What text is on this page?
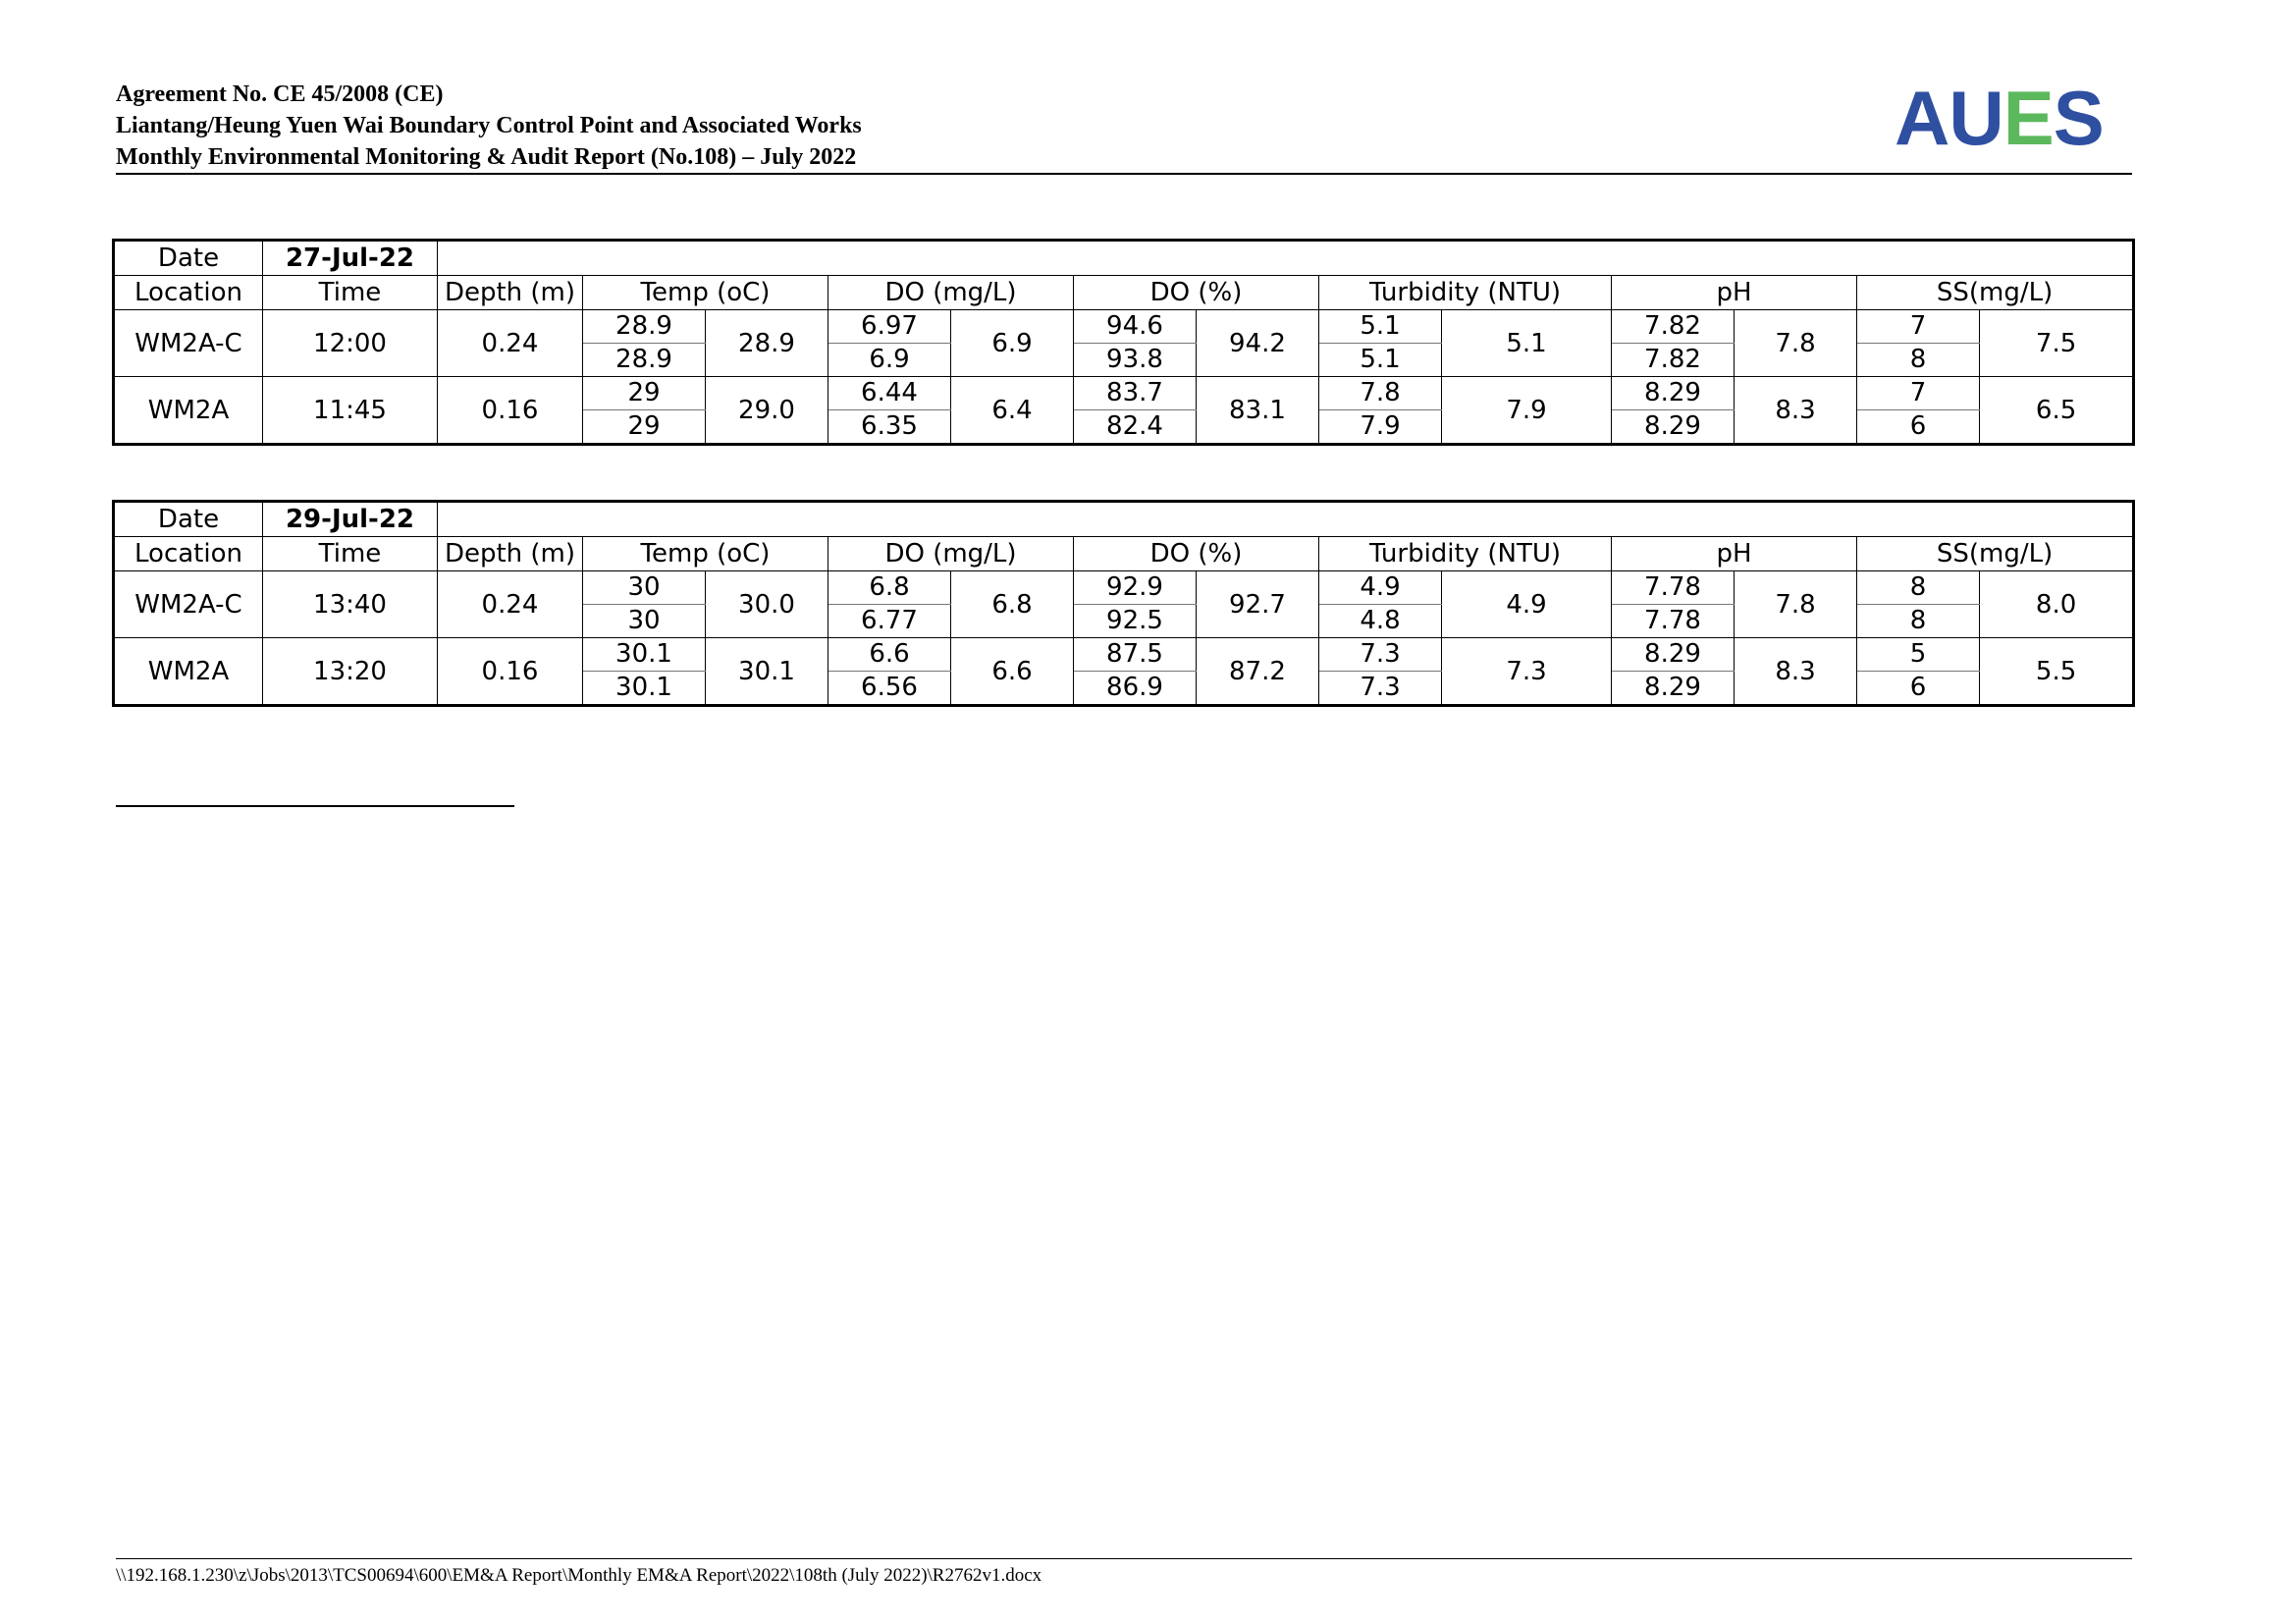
Agreement No. CE 45/2008 (CE)
Liantang/Heung Yuen Wai Boundary Control Point and Associated Works
Monthly Environmental Monitoring & Audit Report (No.108) – July 2022	AUES
Date	27-Jul-22													
Location	Time	Depth (m)	Temp (oC)		DO (mg/L)		DO (%)		Turbidity (NTU)		pH		SS(mg/L)	
WM2A-C	12:00	0.24	28.9	28.9	6.97	6.9	94.6	94.2	5.1	5.1	7.82	7.8	7	7.5
			28.9		6.9		93.8		5.1		7.82		8	
WM2A	11:45	0.16	29	29.0	6.44	6.4	83.7	83.1	7.8	7.9	8.29	8.3	7	6.5
			29		6.35		82.4		7.9		8.29		6	
Date	29-Jul-22													
Location	Time	Depth (m)	Temp (oC)		DO (mg/L)		DO (%)		Turbidity (NTU)		pH		SS(mg/L)	
WM2A-C	13:40	0.24	30	30.0	6.8	6.8	92.9	92.7	4.9	4.9	7.78	7.8	8	8.0
			30		6.77		92.5		4.8		7.78		8	
WM2A	13:20	0.16	30.1	30.1	6.6	6.6	87.5	87.2	7.3	7.3	8.29	8.3	5	5.5
			30.1		6.56		86.9		7.3		8.29		6	
\\192.168.1.230\z\Jobs\2013\TCS00694\600\EM&A Report\Monthly EM&A Report\2022\108th (July 2022)\R2762v1.docx
